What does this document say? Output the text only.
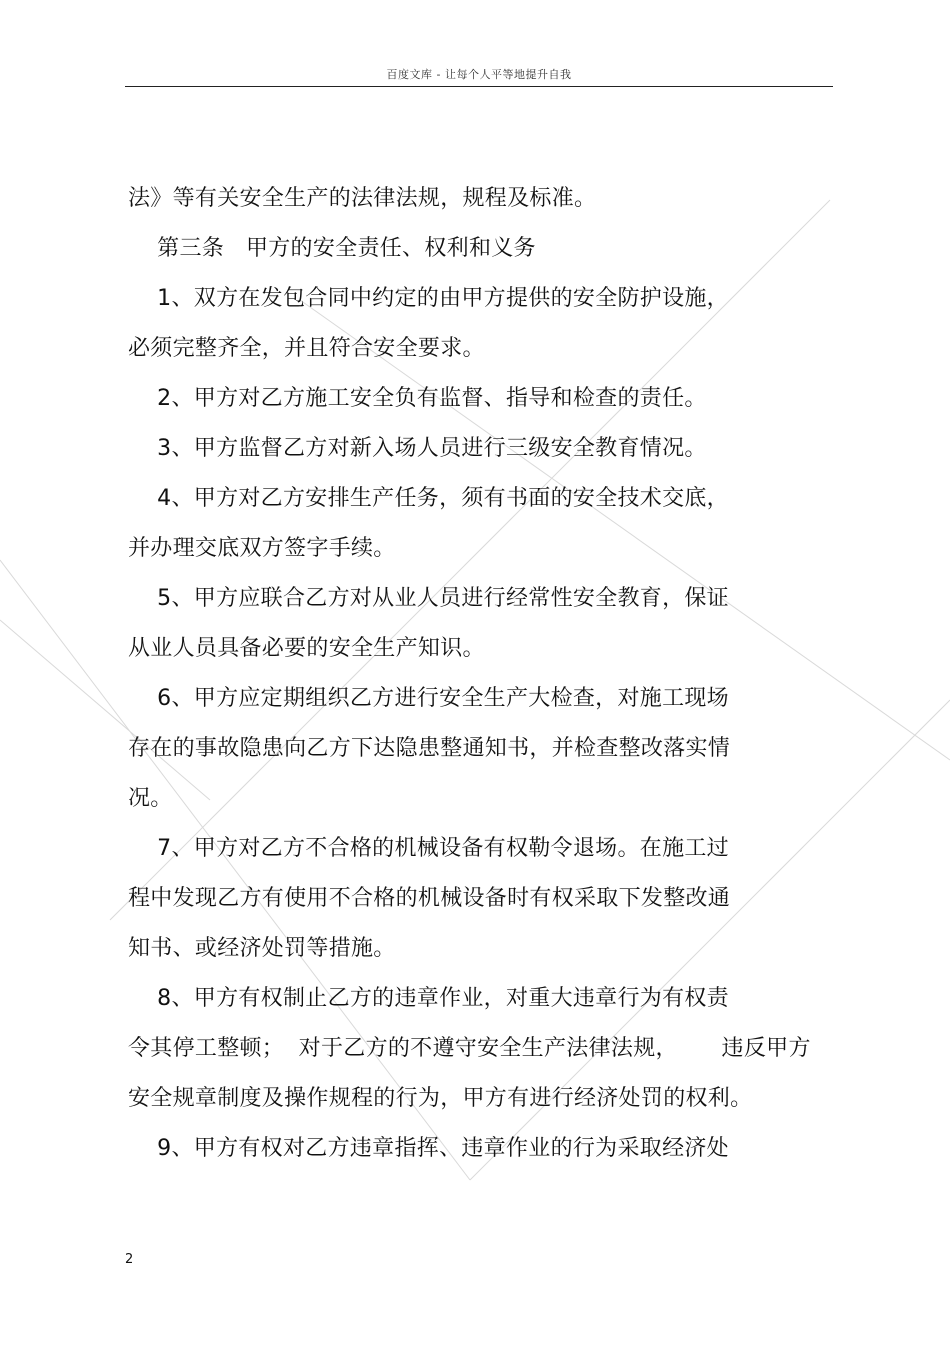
百度文库 - 让每个人平等地提升自我
法》等有关安全生产的法律法规，规程及标准。
第三条   甲方的安全责任、权利和义务
1、双方在发包合同中约定的由甲方提供的安全防护设施，
必须完整齐全，并且符合安全要求。
2、甲方对乙方施工安全负有监督、指导和检查的责任。
3、甲方监督乙方对新入场人员进行三级安全教育情况。
4、甲方对乙方安排生产任务，须有书面的安全技术交底，
并办理交底双方签字手续。
5、甲方应联合乙方对从业人员进行经常性安全教育，保证
从业人员具备必要的安全生产知识。
6、甲方应定期组织乙方进行安全生产大检查，对施工现场
存在的事故隐患向乙方下达隐患整通知书，并检查整改落实情
况。
7、甲方对乙方不合格的机械设备有权勒令退场。在施工过
程中发现乙方有使用不合格的机械设备时有权采取下发整改通
知书、或经济处罚等措施。
8、甲方有权制止乙方的违章作业，对重大违章行为有权责
令其停工整顿；  对于乙方的不遵守安全生产法律法规，      违反甲方
安全规章制度及操作规程的行为，甲方有进行经济处罚的权利。
9、甲方有权对乙方违章指挥、违章作业的行为采取经济处
2
